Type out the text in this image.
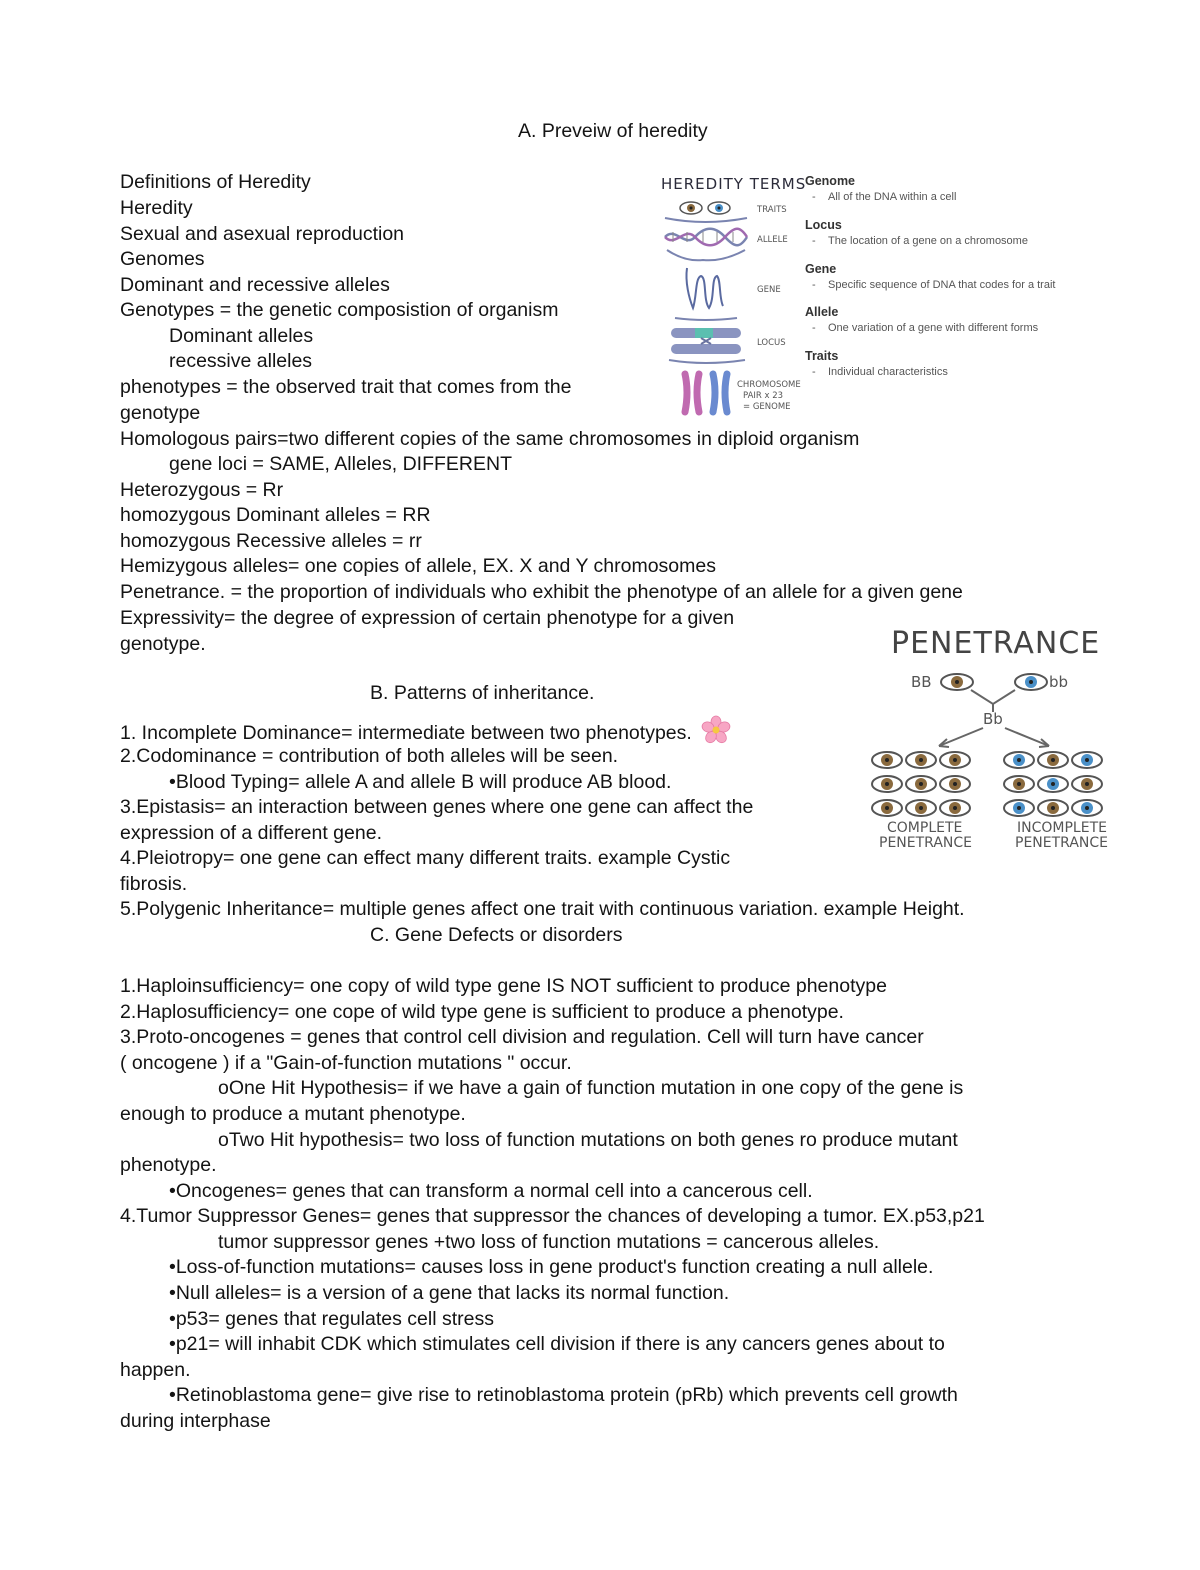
A. Preveiw of heredity
Definitions of Heredity
Heredity
Sexual and asexual reproduction
Genomes
Dominant and recessive alleles
Genotypes = the genetic composistion of organism
Dominant alleles
recessive alleles
phenotypes = the observed trait that comes from the
genotype
Homologous pairs=two different copies of the same chromosomes in diploid organism
gene loci = SAME, Alleles, DIFFERENT
Heterozygous = Rr
homozygous Dominant alleles = RR
homozygous Recessive alleles = rr
Hemizygous alleles= one copies of allele, EX. X and Y chromosomes
Penetrance. = the proportion of individuals who exhibit the phenotype of an allele for a given gene
Expressivity= the degree of expression of certain phenotype for a given
genotype.
B. Patterns of inheritance.
1. Incomplete Dominance= intermediate between two phenotypes.
2.Codominance = contribution of both alleles will be seen.
•Blood Typing= allele A and allele B will produce AB blood.
3.Epistasis= an interaction between genes where one gene can affect the
expression of a different gene.
4.Pleiotropy= one gene can effect many different traits. example Cystic
fibrosis.
5.Polygenic Inheritance= multiple genes affect one trait with continuous variation. example Height.
C. Gene Defects or disorders
1.Haploinsufficiency= one copy of wild type gene IS NOT sufficient to produce phenotype
2.Haplosufficiency= one cope of wild type gene is sufficient to produce a phenotype.
3.Proto-oncogenes = genes that control cell division and regulation. Cell will turn have cancer
( oncogene ) if a "Gain-of-function mutations " occur.
oOne Hit Hypothesis= if we have a gain of function mutation in one copy of the gene is
enough to produce a mutant phenotype.
oTwo Hit hypothesis= two loss of function mutations on both genes ro produce mutant
phenotype.
•Oncogenes= genes that can transform a normal cell into a cancerous cell.
4.Tumor Suppressor Genes= genes that suppressor the chances of developing a tumor. EX.p53,p21
tumor suppressor genes +two loss of function mutations = cancerous alleles.
•Loss-of-function mutations= causes loss in gene product's function creating a null allele.
•Null alleles= is a version of a gene that lacks its normal function.
•p53= genes that regulates cell stress
•p21= will inhabit CDK which stimulates cell division if there is any cancers genes about to
happen.
•Retinoblastoma gene= give rise to retinoblastoma protein (pRb) which prevents cell growth
during interphase
HEREDITY TERMS
TRAITS
ALLELE
GENE
LOCUS
CHROMOSOME
PAIR x 23
= GENOME
Genome
- All of the DNA within a cell
Locus
- The location of a gene on a chromosome
Gene
- Specific sequence of DNA that codes for a trait
Allele
- One variation of a gene with different forms
Traits
- Individual characteristics
PENETRANCE
BB	bb
Bb
COMPLETE
PENETRANCE
INCOMPLETE
PENETRANCE
